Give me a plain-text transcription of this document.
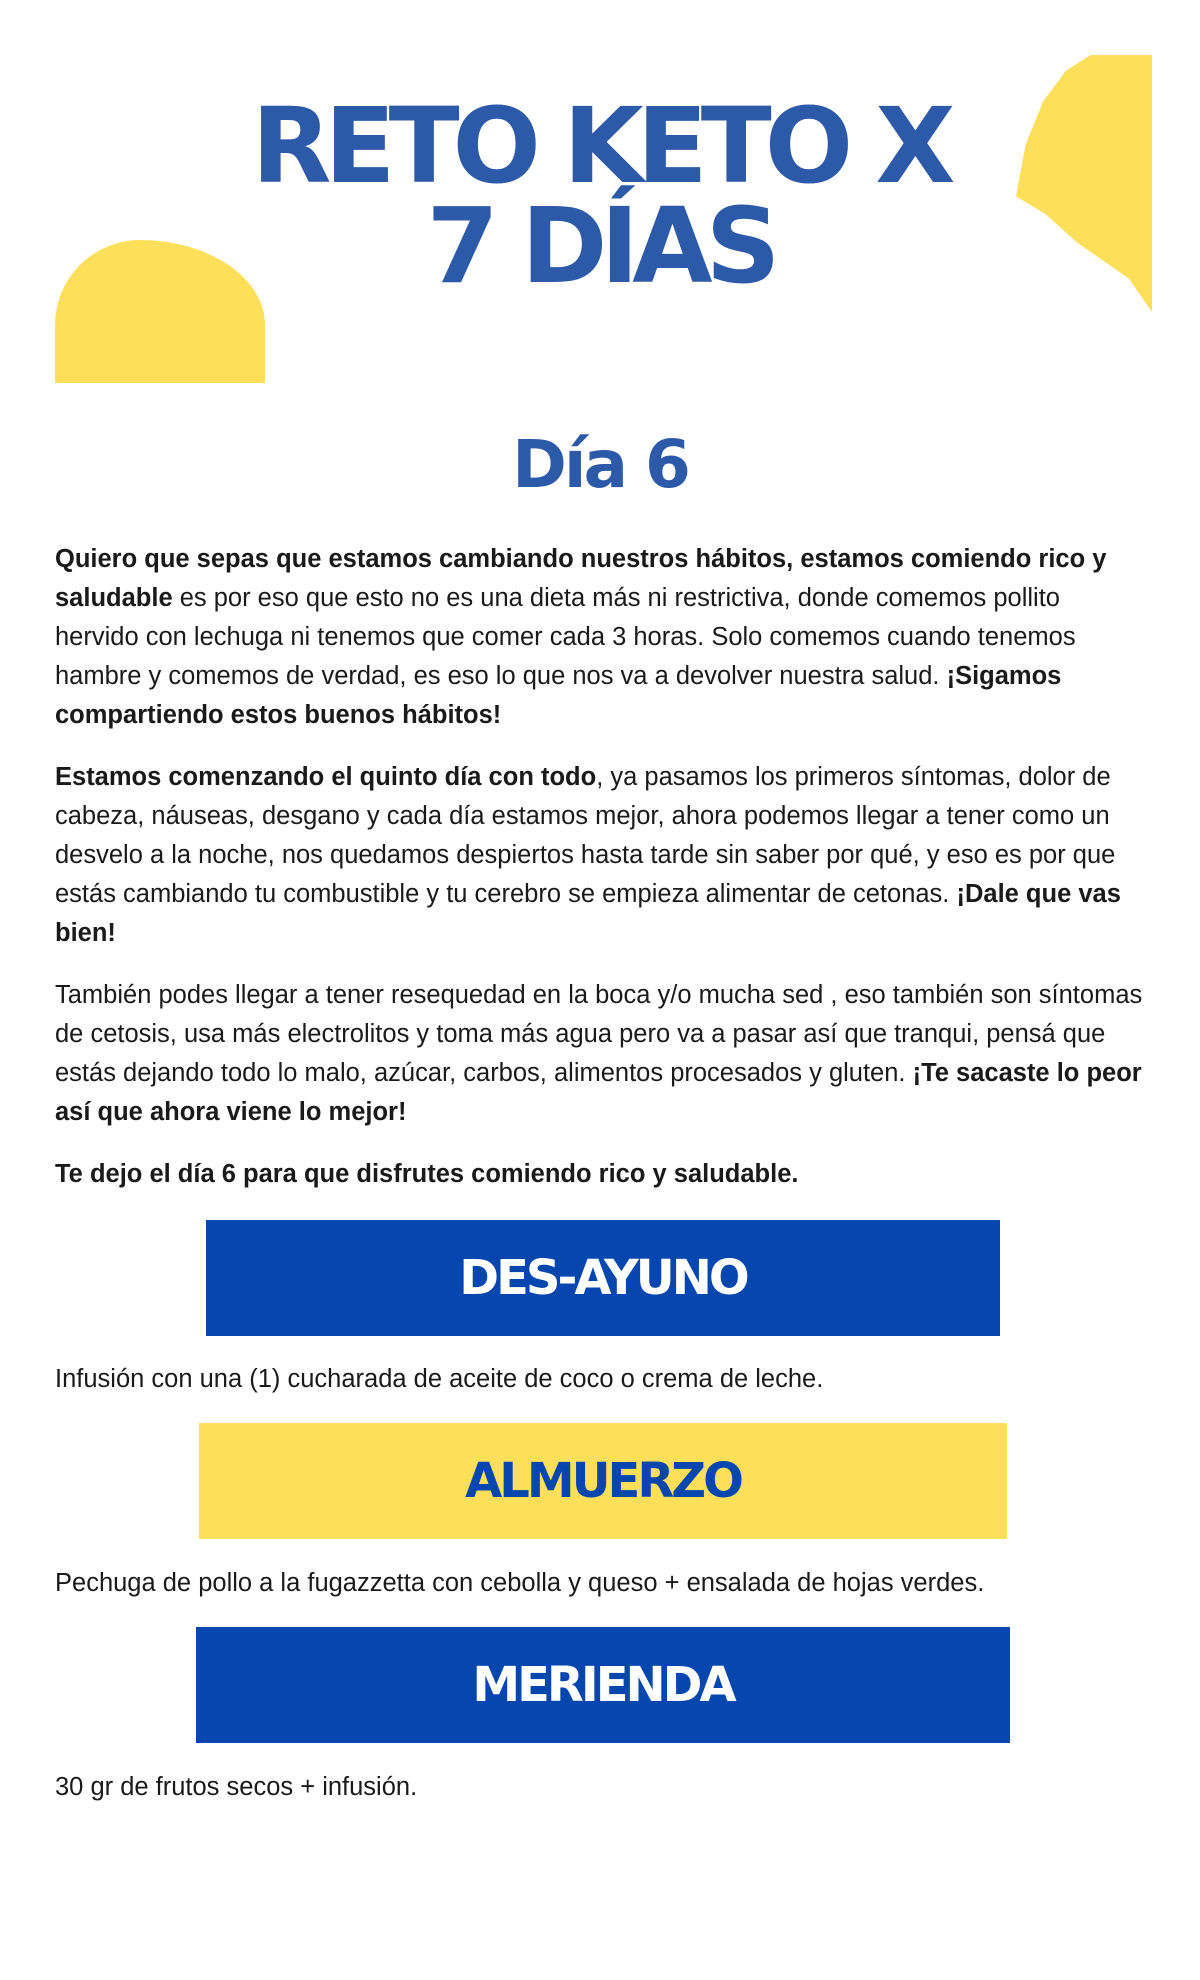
RETO KETO X
7 DÍAS
Día 6

Quiero que sepas que estamos cambiando nuestros hábitos, estamos comiendo rico y saludable es por eso que esto no es una dieta más ni restrictiva, donde comemos pollito hervido con lechuga ni tenemos que comer cada 3 horas. Solo comemos cuando tenemos hambre y comemos de verdad, es eso lo que nos va a devolver nuestra salud. ¡Sigamos compartiendo estos buenos hábitos!

Estamos comenzando el quinto día con todo, ya pasamos los primeros síntomas, dolor de cabeza, náuseas, desgano y cada día estamos mejor, ahora podemos llegar a tener como un desvelo a la noche, nos quedamos despiertos hasta tarde sin saber por qué, y eso es por que estás cambiando tu combustible y tu cerebro se empieza alimentar de cetonas. ¡Dale que vas bien!

También podes llegar a tener resequedad en la boca y/o mucha sed , eso también son síntomas de cetosis, usa más electrolitos y toma más agua pero va a pasar así que tranqui, pensá que estás dejando todo lo malo, azúcar, carbos, alimentos procesados y gluten. ¡Te sacaste lo peor así que ahora viene lo mejor!

Te dejo el día 6 para que disfrutes comiendo rico y saludable.

DES-AYUNO
Infusión con una (1) cucharada de aceite de coco o crema de leche.
ALMUERZO
Pechuga de pollo a la fugazzetta con cebolla y queso + ensalada de hojas verdes.
MERIENDA
30 gr de frutos secos + infusión.
